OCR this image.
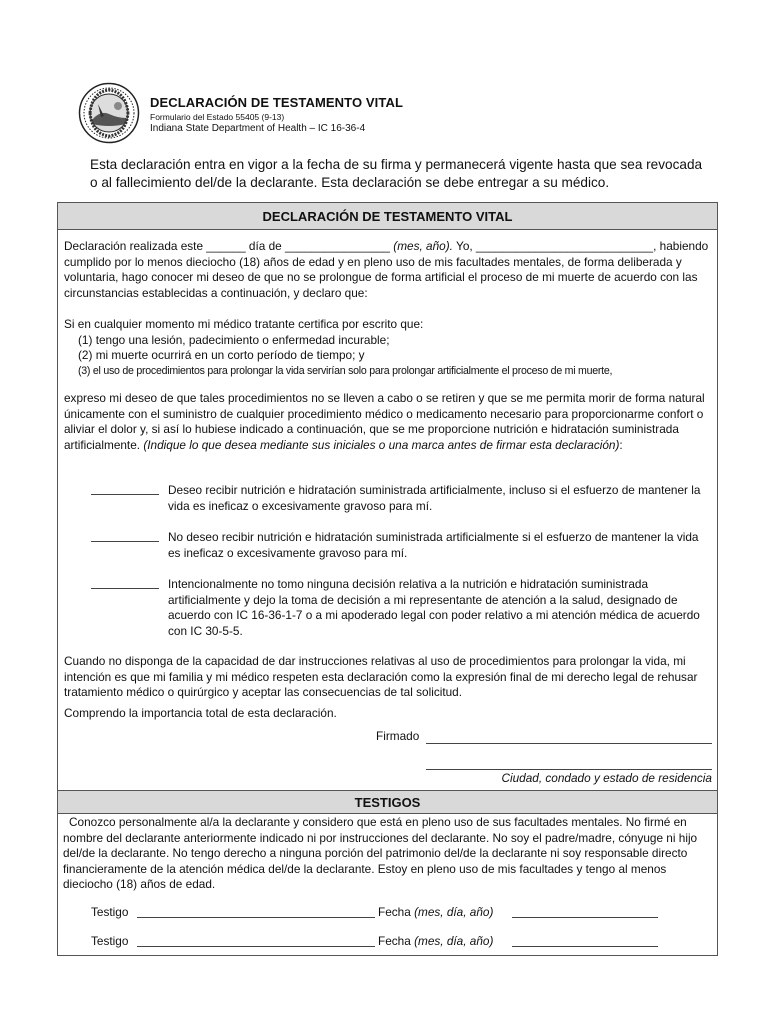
DECLARACIÓN DE TESTAMENTO VITAL
Formulario del Estado 55405 (9-13)
Indiana State Department of Health – IC 16-36-4
Esta declaración entra en vigor a la fecha de su firma y permanecerá vigente hasta que sea revocada o al fallecimiento del/de la declarante. Esta declaración se debe entregar a su médico.
DECLARACIÓN DE TESTAMENTO VITAL
Declaración realizada este ______ día de ________________ (mes, año). Yo, ___________________________, habiendo cumplido por lo menos dieciocho (18) años de edad y en pleno uso de mis facultades mentales, de forma deliberada y voluntaria, hago conocer mi deseo de que no se prolongue de forma artificial el proceso de mi muerte de acuerdo con las circunstancias establecidas a continuación, y declaro que:
Si en cualquier momento mi médico tratante certifica por escrito que:
(1) tengo una lesión, padecimiento o enfermedad incurable;
(2) mi muerte ocurrirá en un corto período de tiempo; y
(3) el uso de procedimientos para prolongar la vida servirían solo para prolongar artificialmente el proceso de mi muerte,
expreso mi deseo de que tales procedimientos no se lleven a cabo o se retiren y que se me permita morir de forma natural únicamente con el suministro de cualquier procedimiento médico o medicamento necesario para proporcionarme confort o aliviar el dolor y, si así lo hubiese indicado a continuación, que se me proporcione nutrición e hidratación suministrada artificialmente. (Indique lo que desea mediante sus iniciales o una marca antes de firmar esta declaración):
Deseo recibir nutrición e hidratación suministrada artificialmente, incluso si el esfuerzo de mantener la vida es ineficaz o excesivamente gravoso para mí.
No deseo recibir nutrición e hidratación suministrada artificialmente si el esfuerzo de mantener la vida es ineficaz o excesivamente gravoso para mí.
Intencionalmente no tomo ninguna decisión relativa a la nutrición e hidratación suministrada artificialmente y dejo la toma de decisión a mi representante de atención a la salud, designado de acuerdo con IC 16-36-1-7 o a mi apoderado legal con poder relativo a mi atención médica de acuerdo con IC 30-5-5.
Cuando no disponga de la capacidad de dar instrucciones relativas al uso de procedimientos para prolongar la vida, mi intención es que mi familia y mi médico respeten esta declaración como la expresión final de mi derecho legal de rehusar tratamiento médico o quirúrgico y aceptar las consecuencias de tal solicitud.
Comprendo la importancia total de esta declaración.
Firmado
Ciudad, condado y estado de residencia
TESTIGOS
Conozco personalmente al/a la declarante y considero que está en pleno uso de sus facultades mentales. No firmé en nombre del declarante anteriormente indicado ni por instrucciones del declarante. No soy el padre/madre, cónyuge ni hijo del/de la declarante. No tengo derecho a ninguna porción del patrimonio del/de la declarante ni soy responsable directo financieramente de la atención médica del/de la declarante. Estoy en pleno uso de mis facultades y tengo al menos dieciocho (18) años de edad.
Testigo	Fecha (mes, día, año)
Testigo	Fecha (mes, día, año)
